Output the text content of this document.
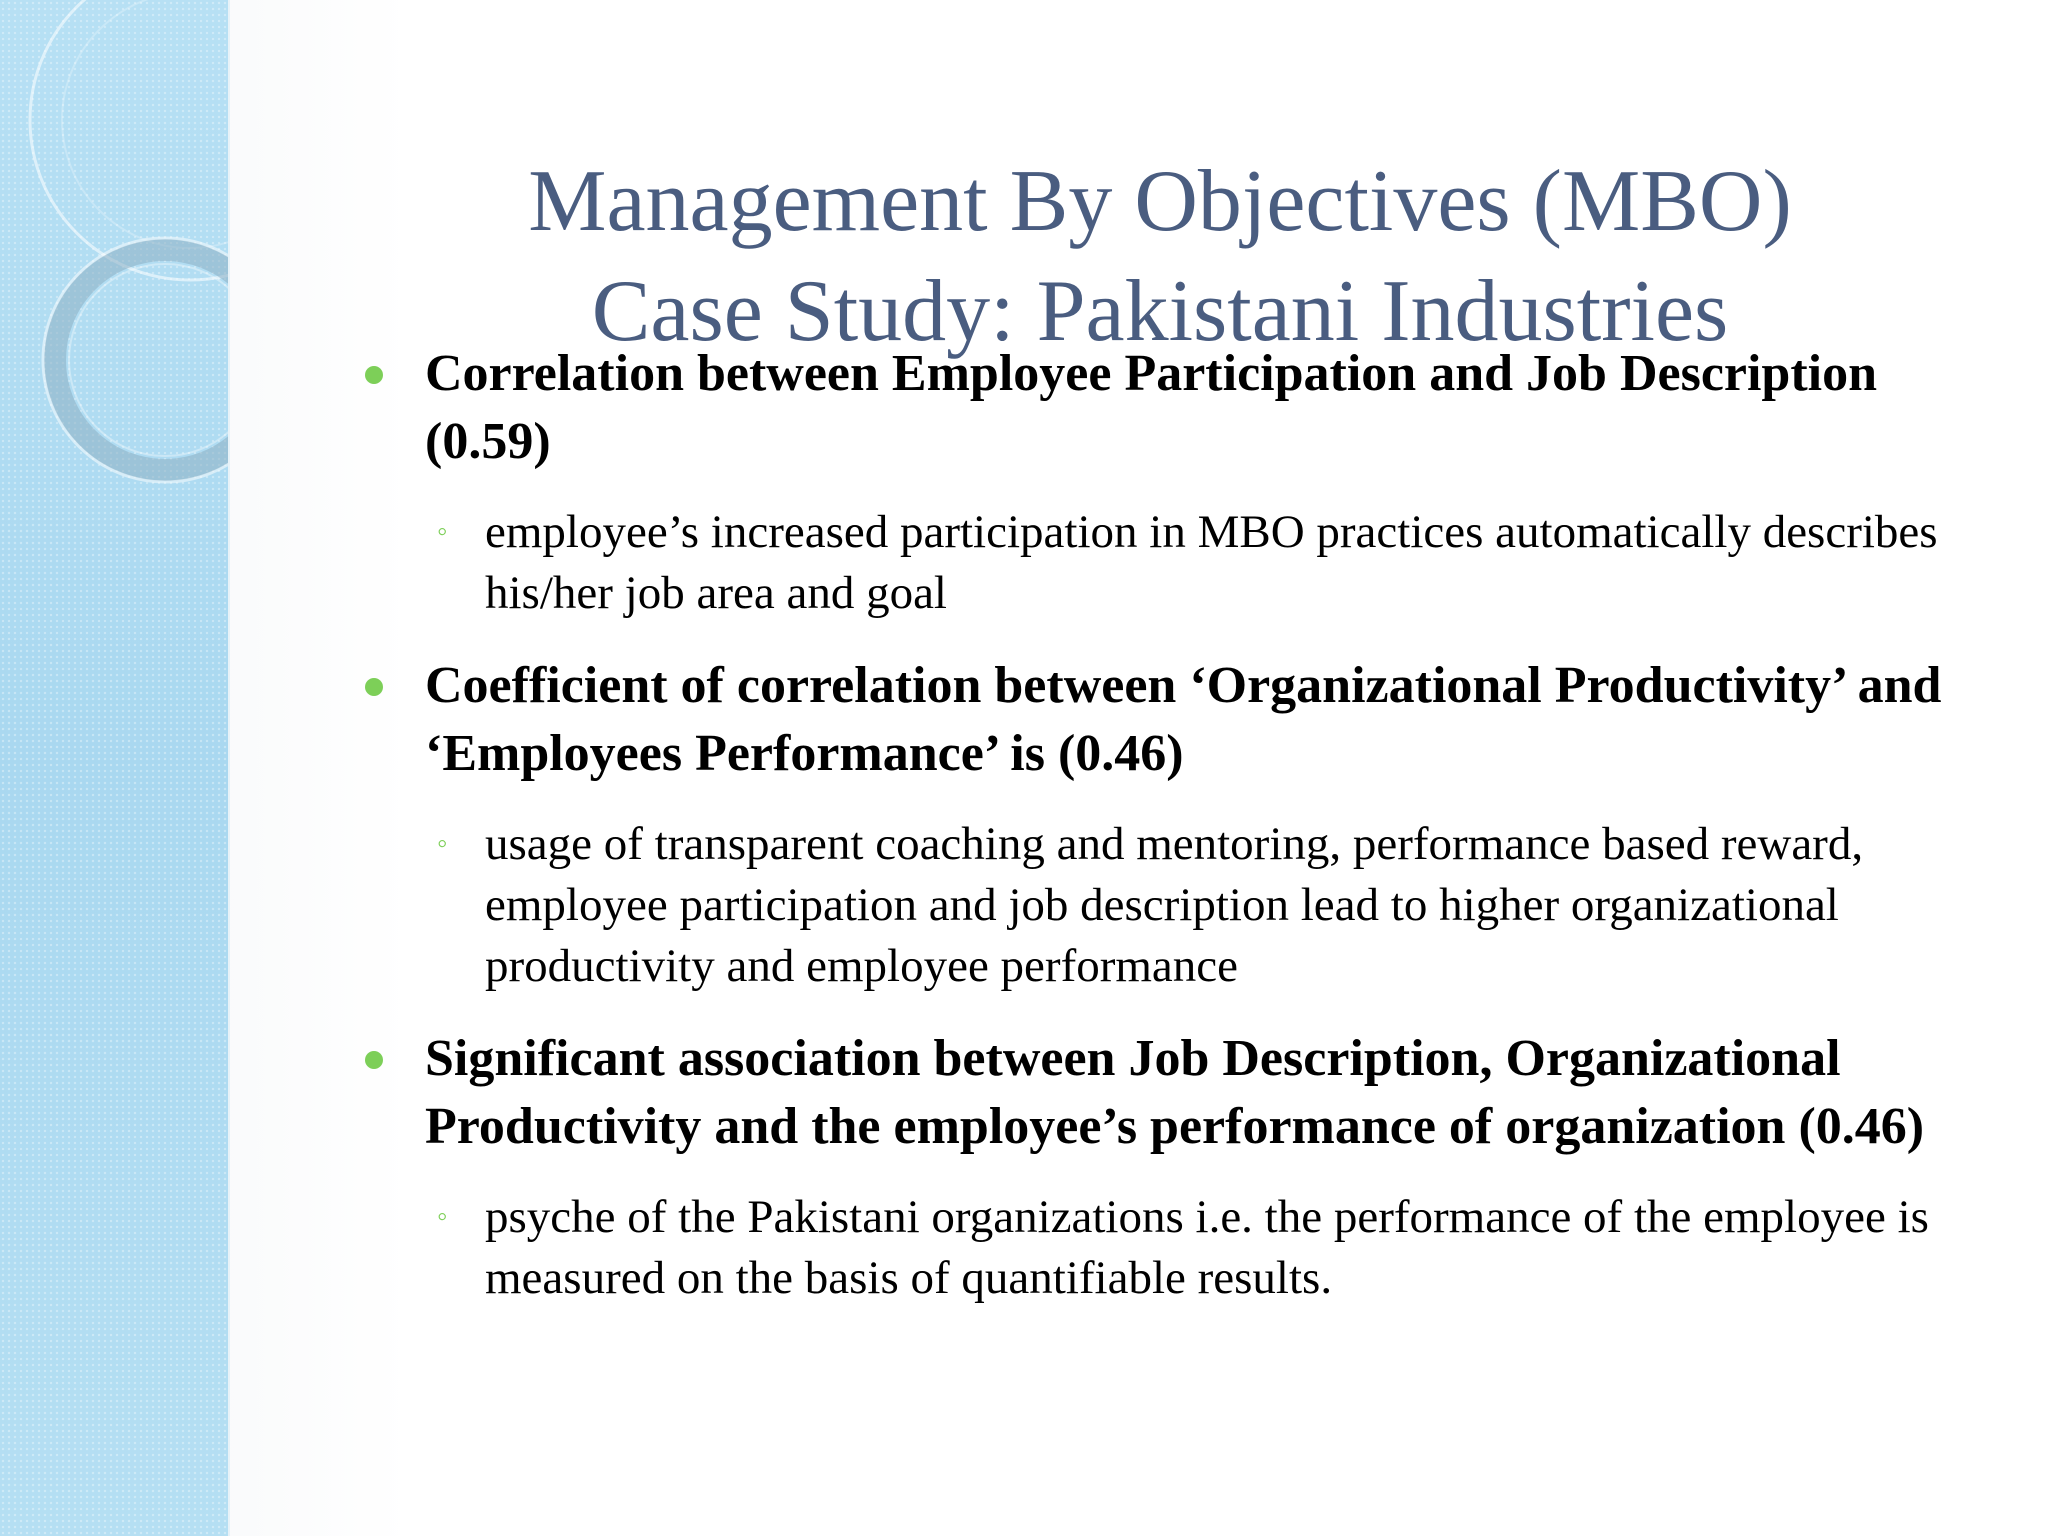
Management By Objectives (MBO)
Case Study: Pakistani Industries
Correlation between Employee Participation and Job Description (0.59)
◦ employee’s increased participation in MBO practices automatically describes his/her job area and goal
Coefficient of correlation between ‘Organizational Productivity’ and ‘Employees Performance’ is (0.46)
◦ usage of transparent coaching and mentoring, performance based reward, employee participation and job description lead to higher organizational productivity and employee performance
Significant association between Job Description, Organizational Productivity and the employee’s performance of organization (0.46)
◦ psyche of the Pakistani organizations i.e. the performance of the employee is measured on the basis of quantifiable results.
